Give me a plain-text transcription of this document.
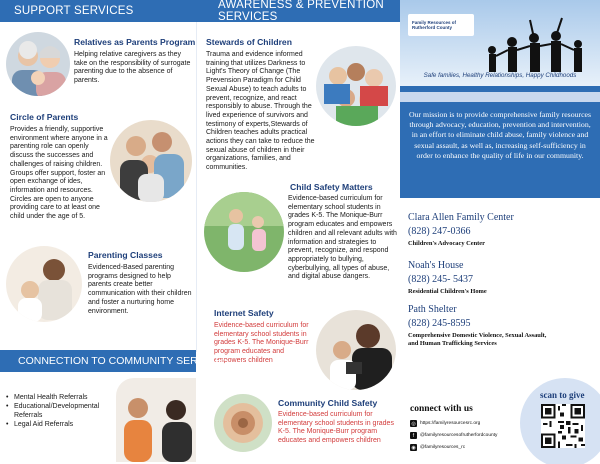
SUPPORT SERVICES	AWARENESS & PREVENTION SERVICES
Relatives as Parents Program
Helping relative caregivers as they take on the responsibility of surrogate parenting due to the absence of parents.
Circle of Parents
Provides a friendly, supportive environment where anyone in a parenting role can openly discuss the successes and challenges of raising children. Groups offer support, foster an open exchange of ides, information and resources. Circles are open to anyone providing care to at least one child under the age of 5.
Parenting Classes
Evidenced-Based parenting programs designed to help parents create better communication with their children and foster a nurturing home environment.
Stewards of Children
Trauma and evidence informed training that utilizes Darkness to Light's Theory of Change (The Prevension Paradigm for Child Sexual Abuse) to teach adults to prevent, recognize, and react responsibly to abuse. Through the lived experience of survivors and testimony of experts,Stewards of Children teaches adults practical actions they can take to reduce the sexual abuse of children in their organizations, families, and communities.
Child Safety Matters
Evidence-based curriculum for elementary school students in grades K-5. The Monique-Burr program educates and empowers children and all relevant adults with information and strategies to prevent, recognize, and respond appropriately to bullying, cyberbullying, all types of abuse, and digital abuse dangers.
Internet Safety
Evidence-based curriculum for elementary school students in grades K-5. The Monique-Burr program educates and empowers children
Community Child Safety
Evidence-based curriculum for elementary school students in grades K-5. The Monique-Burr program educates and empowers children
CONNECTION TO COMMUNITY SERVICES
• Mental Health Referrals
• Educational/Developmental Referrals
• Legal Aid Referrals
Family Resources of Rutherford County
Safe families, Healthy Relationships, Happy Childhoods
Our mission is to provide comprehensive family resources through advocacy, education, prevention and intervention, in an effort to eliminate child abuse, family violence and sexual assault, as well as, increasing self-sufficiency in order to enhance the quality of life in our community.
Clara Allen Family Center
(828) 247-0366
Children's Advocacy Center
Noah's House
(828) 245- 5437
Residential Children's Home
Path Shelter
(828) 245-8595
Comprehensive Domestic Violence, Sexual Assault, and Human Trafficking Services
connect with us
◎ https://familyresourcesrc.org
f	@familyresourcesofrutherfordcounty
◉ @familyresources_rc
scan to give
